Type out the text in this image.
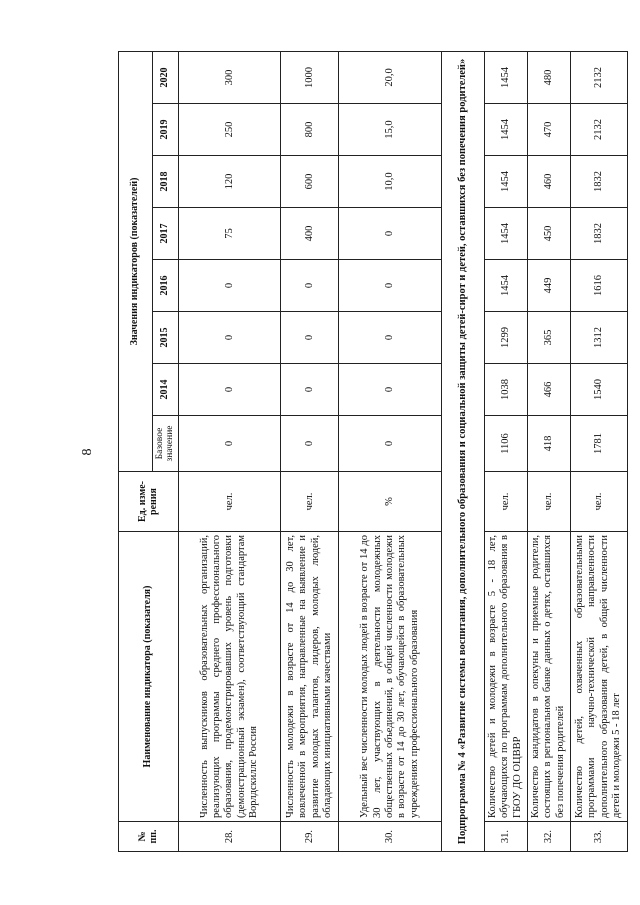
8
№ пп.	Наименование индикатора (показателя)	Ед. изме-рения	Значения индикаторов (показателей)							
			Базовое значение	2014	2015	2016	2017	2018	2019	2020
28.	Численность выпускников образовательных организаций, реализующих программы среднего профессионального образования, продемонстрировавших уровень подготовки (демонстрационный экзамен), соответствующий стандартам Ворлдскиллс Россия	чел.	0	0	0	0	75	120	250	300
29.	Численность молодежи в возрасте от 14 до 30 лет, вовлеченной в мероприятия, направленные на выявление и развитие молодых талантов, лидеров, молодых людей, обладающих инициативными качествами	чел.	0	0	0	0	400	600	800	1000
30.	Удельный вес численности молодых людей в возрасте от 14 до 30 лет, участвующих в деятельности молодежных общественных объединений, в общей численности молодежи в возрасте от 14 до 30 лет, обучающейся в образовательных учреждениях профессионального образования	%	0	0	0	0	0	10,0	15,0	20,0
Подпрограмма № 4 «Развитие системы воспитания, дополнительного образования и социальной защиты детей-сирот и детей, оставшихся без попечения родителей»										
31.	Количество детей и молодежи в возрасте 5 - 18 лет, обучающихся по программам дополнительного образования в ГБОУ ДО ОЦВВР	чел.	1106	1038	1299	1454	1454	1454	1454	1454
32.	Количество кандидатов в опекуны и приемные родители, состоящих в региональном банке данных о детях, оставшихся без попечения родителей	чел.	418	466	365	449	450	460	470	480
33.	Количество детей, охваченных образовательными программами научно-технической направленности дополнительного образования детей, в общей численности детей и молодежи 5 - 18 лет	чел.	1781	1540	1312	1616	1832	1832	2132	2132
